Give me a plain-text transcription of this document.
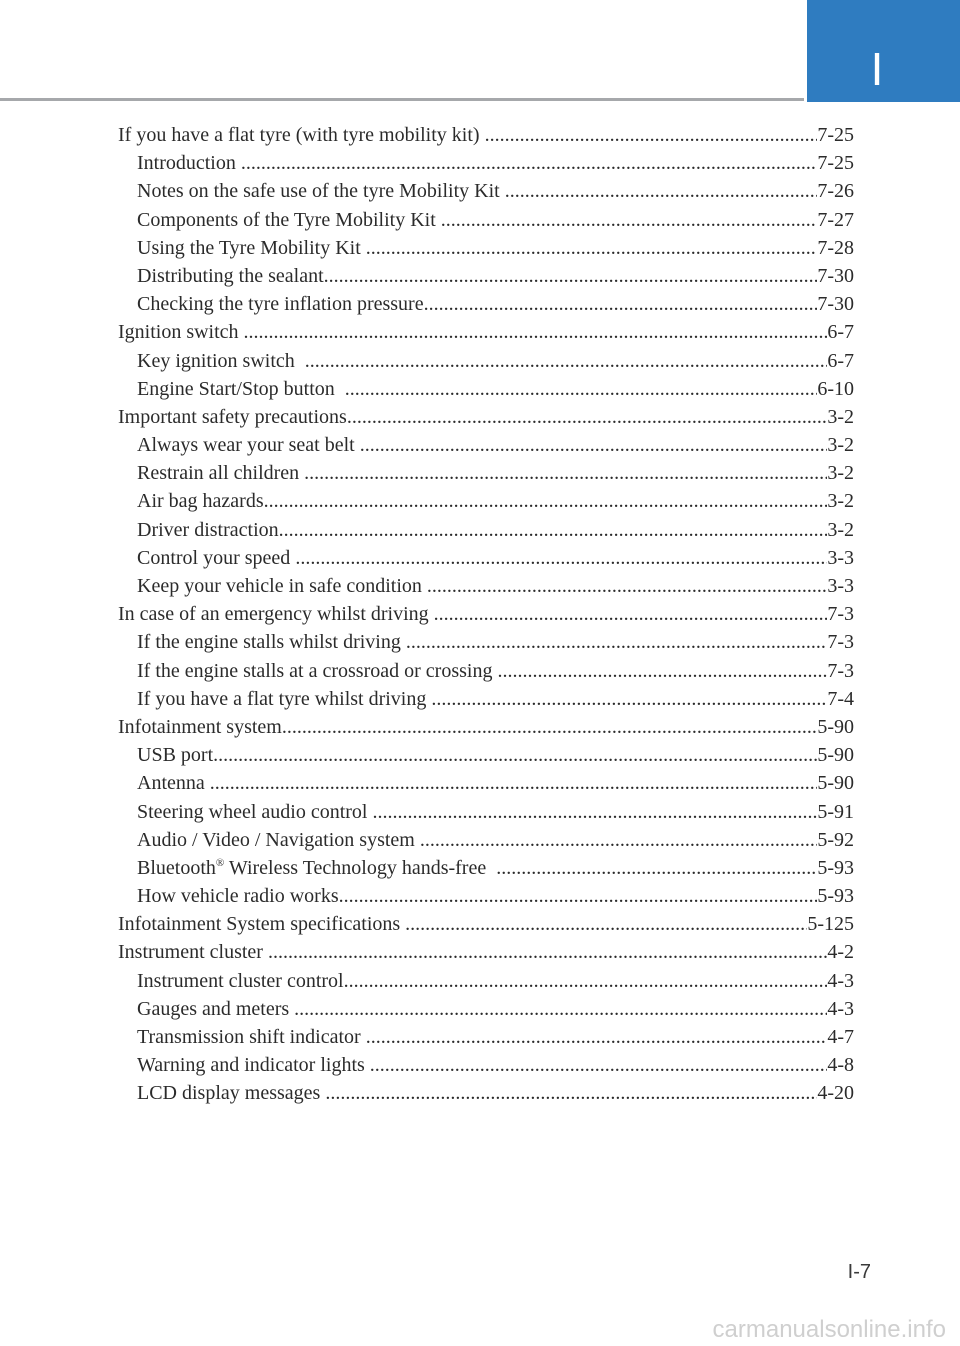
I
If you have a flat tyre (with tyre mobility kit) .....	7-25
Introduction .....	7-25
Notes on the safe use of the tyre Mobility Kit .....	7-26
Components of the Tyre Mobility Kit .....	7-27
Using the Tyre Mobility Kit .....	7-28
Distributing the sealant .....	7-30
Checking the tyre inflation pressure .....	7-30
Ignition switch .....	6-7
Key ignition switch .....	6-7
Engine Start/Stop button .....	6-10
Important safety precautions .....	3-2
Always wear your seat belt .....	3-2
Restrain all children .....	3-2
Air bag hazards .....	3-2
Driver distraction .....	3-2
Control your speed .....	3-3
Keep your vehicle in safe condition .....	3-3
In case of an emergency whilst driving .....	7-3
If the engine stalls whilst driving .....	7-3
If the engine stalls at a crossroad or crossing .....	7-3
If you have a flat tyre whilst driving .....	7-4
Infotainment system .....	5-90
USB port .....	5-90
Antenna .....	5-90
Steering wheel audio control .....	5-91
Audio / Video / Navigation system .....	5-92
Bluetooth® Wireless Technology hands-free .....	5-93
How vehicle radio works .....	5-93
Infotainment System specifications .....	5-125
Instrument cluster .....	4-2
Instrument cluster control .....	4-3
Gauges and meters .....	4-3
Transmission shift indicator .....	4-7
Warning and indicator lights .....	4-8
LCD display messages .....	4-20
I-7
carmanualsonline.info
